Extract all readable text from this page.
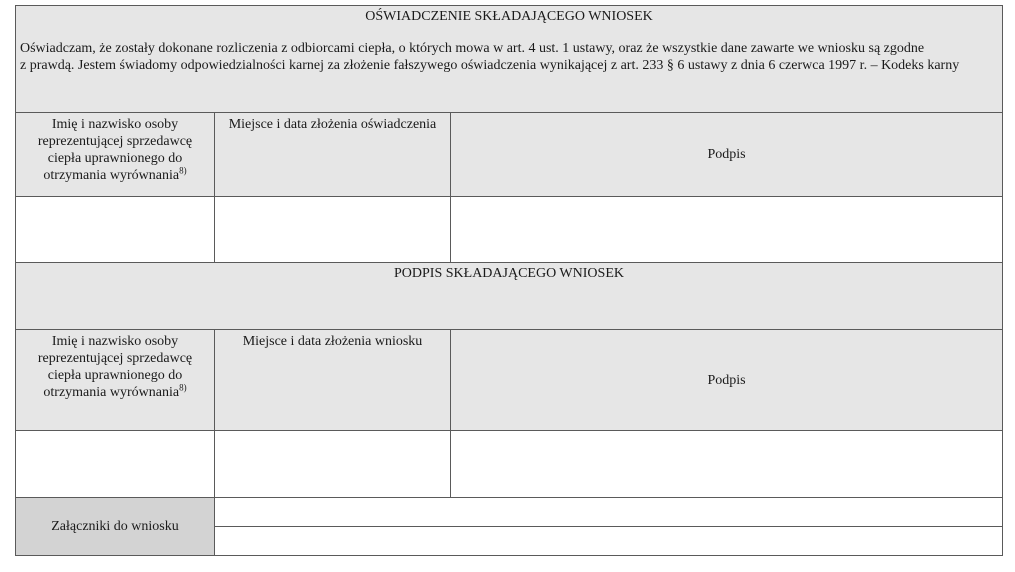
OŚWIADCZENIE SKŁADAJĄCEGO WNIOSEK
Oświadczam, że zostały dokonane rozliczenia z odbiorcami ciepła, o których mowa w art. 4 ust. 1 ustawy, oraz że wszystkie dane zawarte we wniosku są zgodne
z prawdą. Jestem świadomy odpowiedzialności karnej za złożenie fałszywego oświadczenia wynikającej z art. 233 § 6 ustawy z dnia 6 czerwca 1997 r. – Kodeks karny
Imię i nazwisko osoby reprezentującej sprzedawcę ciepła uprawnionego do otrzymania wyrównania$^{8)}$
Miejsce i data złożenia oświadczenia
Podpis
PODPIS SKŁADAJĄCEGO WNIOSEK
Imię i nazwisko osoby reprezentującej sprzedawcę ciepła uprawnionego do otrzymania wyrównania$^{8)}$
Miejsce i data złożenia wniosku
Podpis
Załączniki do wniosku
